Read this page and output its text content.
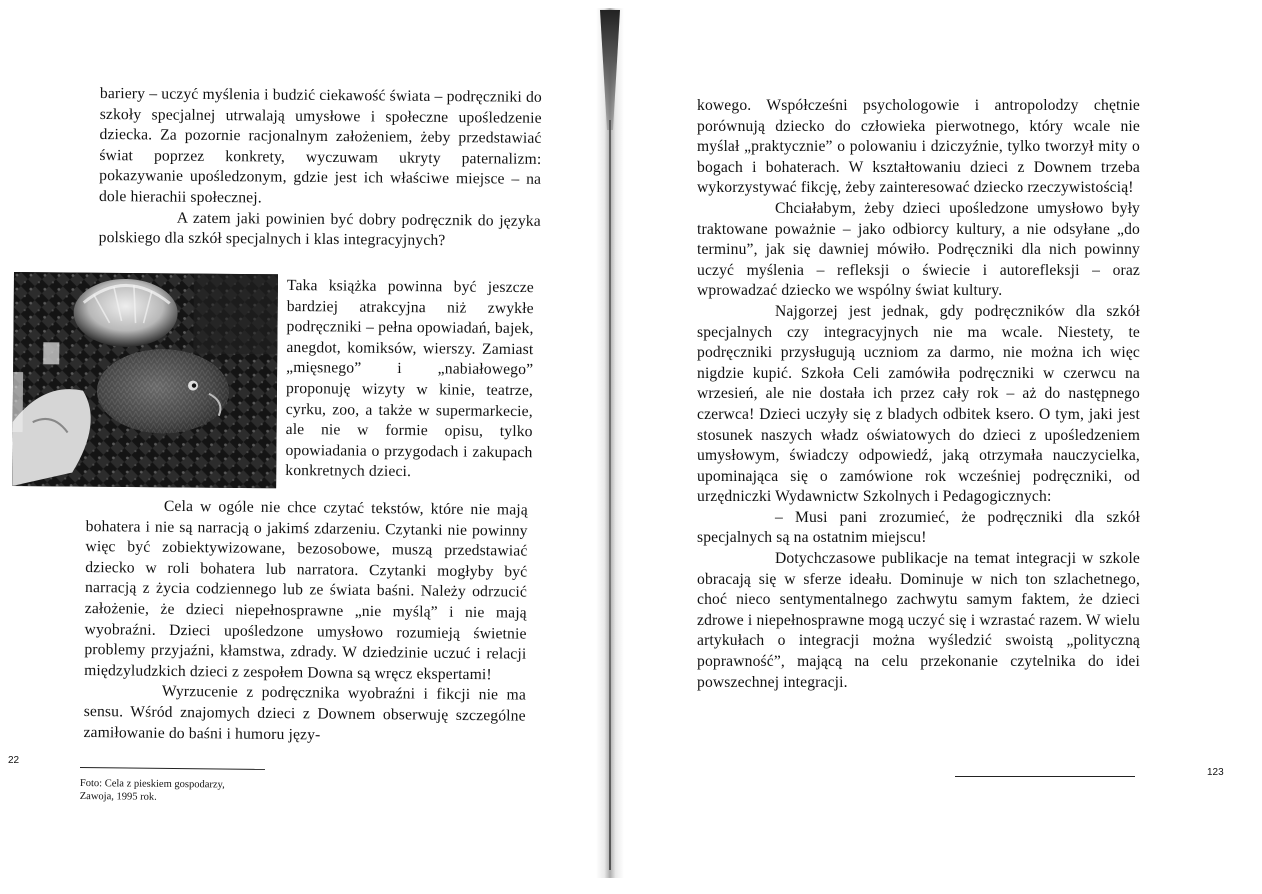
bariery – uczyć myślenia i budzić ciekawość świata – podręczniki do szkoły specjalnej utrwalają umysłowe i społeczne upośledzenie dziecka. Za pozornie racjonalnym założeniem, żeby przedstawiać świat poprzez konkrety, wyczuwam ukryty paternalizm: pokazywanie upośledzonym, gdzie jest ich właściwe miejsce – na dole hierachii społecznej.

A zatem jaki powinien być dobry podręcznik do języka polskiego dla szkół specjalnych i klas integracyjnych?

Taka książka powinna być jeszcze bardziej atrakcyjna niż zwykłe podręczniki – pełna opowiadań, bajek, anegdot, komiksów, wierszy. Zamiast „mięsnego” i „nabiałowego” proponuję wizyty w kinie, teatrze, cyrku, zoo, a także w supermarkecie, ale nie w formie opisu, tylko opowiadania o przygodach i zakupach konkretnych dzieci.

Cela w ogóle nie chce czytać tekstów, które nie mają bohatera i nie są narracją o jakimś zdarzeniu. Czytanki nie powinny więc być zobiektywizowane, bezosobowe, muszą przedstawiać dziecko w roli bohatera lub narratora. Czytanki mogłyby być narracją z życia codziennego lub ze świata baśni. Należy odrzucić założenie, że dzieci niepełnosprawne „nie myślą” i nie mają wyobraźni. Dzieci upośledzone umysłowo rozumieją świetnie problemy przyjaźni, kłamstwa, zdrady. W dziedzinie uczuć i relacji międzyludzkich dzieci z zespołem Downa są wręcz ekspertami!

Wyrzucenie z podręcznika wyobraźni i fikcji nie ma sensu. Wśród znajomych dzieci z Downem obserwuję szczególne zamiłowanie do baśni i humoru języ-

Foto: Cela z pieskiem gospodarzy,
Zawoja, 1995 rok.
22

kowego. Współcześni psychologowie i antropolodzy chętnie porównują dziecko do człowieka pierwotnego, który wcale nie myślał „praktycznie” o polowaniu i dziczyźnie, tylko tworzył mity o bogach i bohaterach. W kształtowaniu dzieci z Downem trzeba wykorzystywać fikcję, żeby zainteresować dziecko rzeczywistością!

Chciałabym, żeby dzieci upośledzone umysłowo były traktowane poważnie – jako odbiorcy kultury, a nie odsyłane „do terminu”, jak się dawniej mówiło. Podręczniki dla nich powinny uczyć myślenia – refleksji o świecie i autorefleksji – oraz wprowadzać dziecko we wspólny świat kultury.

Najgorzej jest jednak, gdy podręczników dla szkół specjalnych czy integracyjnych nie ma wcale. Niestety, te podręczniki przysługują uczniom za darmo, nie można ich więc nigdzie kupić. Szkoła Celi zamówiła podręczniki w czerwcu na wrzesień, ale nie dostała ich przez cały rok – aż do następnego czerwca! Dzieci uczyły się z bladych odbitek ksero. O tym, jaki jest stosunek naszych władz oświatowych do dzieci z upośledzeniem umysłowym, świadczy odpowiedź, jaką otrzymała nauczycielka, upominająca się o zamówione rok wcześniej podręczniki, od urzędniczki Wydawnictw Szkolnych i Pedagogicznych:

– Musi pani zrozumieć, że podręczniki dla szkół specjalnych są na ostatnim miejscu!

Dotychczasowe publikacje na temat integracji w szkole obracają się w sferze ideału. Dominuje w nich ton szlachetnego, choć nieco sentymentalnego zachwytu samym faktem, że dzieci zdrowe i niepełnosprawne mogą uczyć się i wzrastać razem. W wielu artykułach o integracji można wyśledzić swoistą „polityczną poprawność”, mającą na celu przekonanie czytelnika do idei powszechnej integracji.

123
